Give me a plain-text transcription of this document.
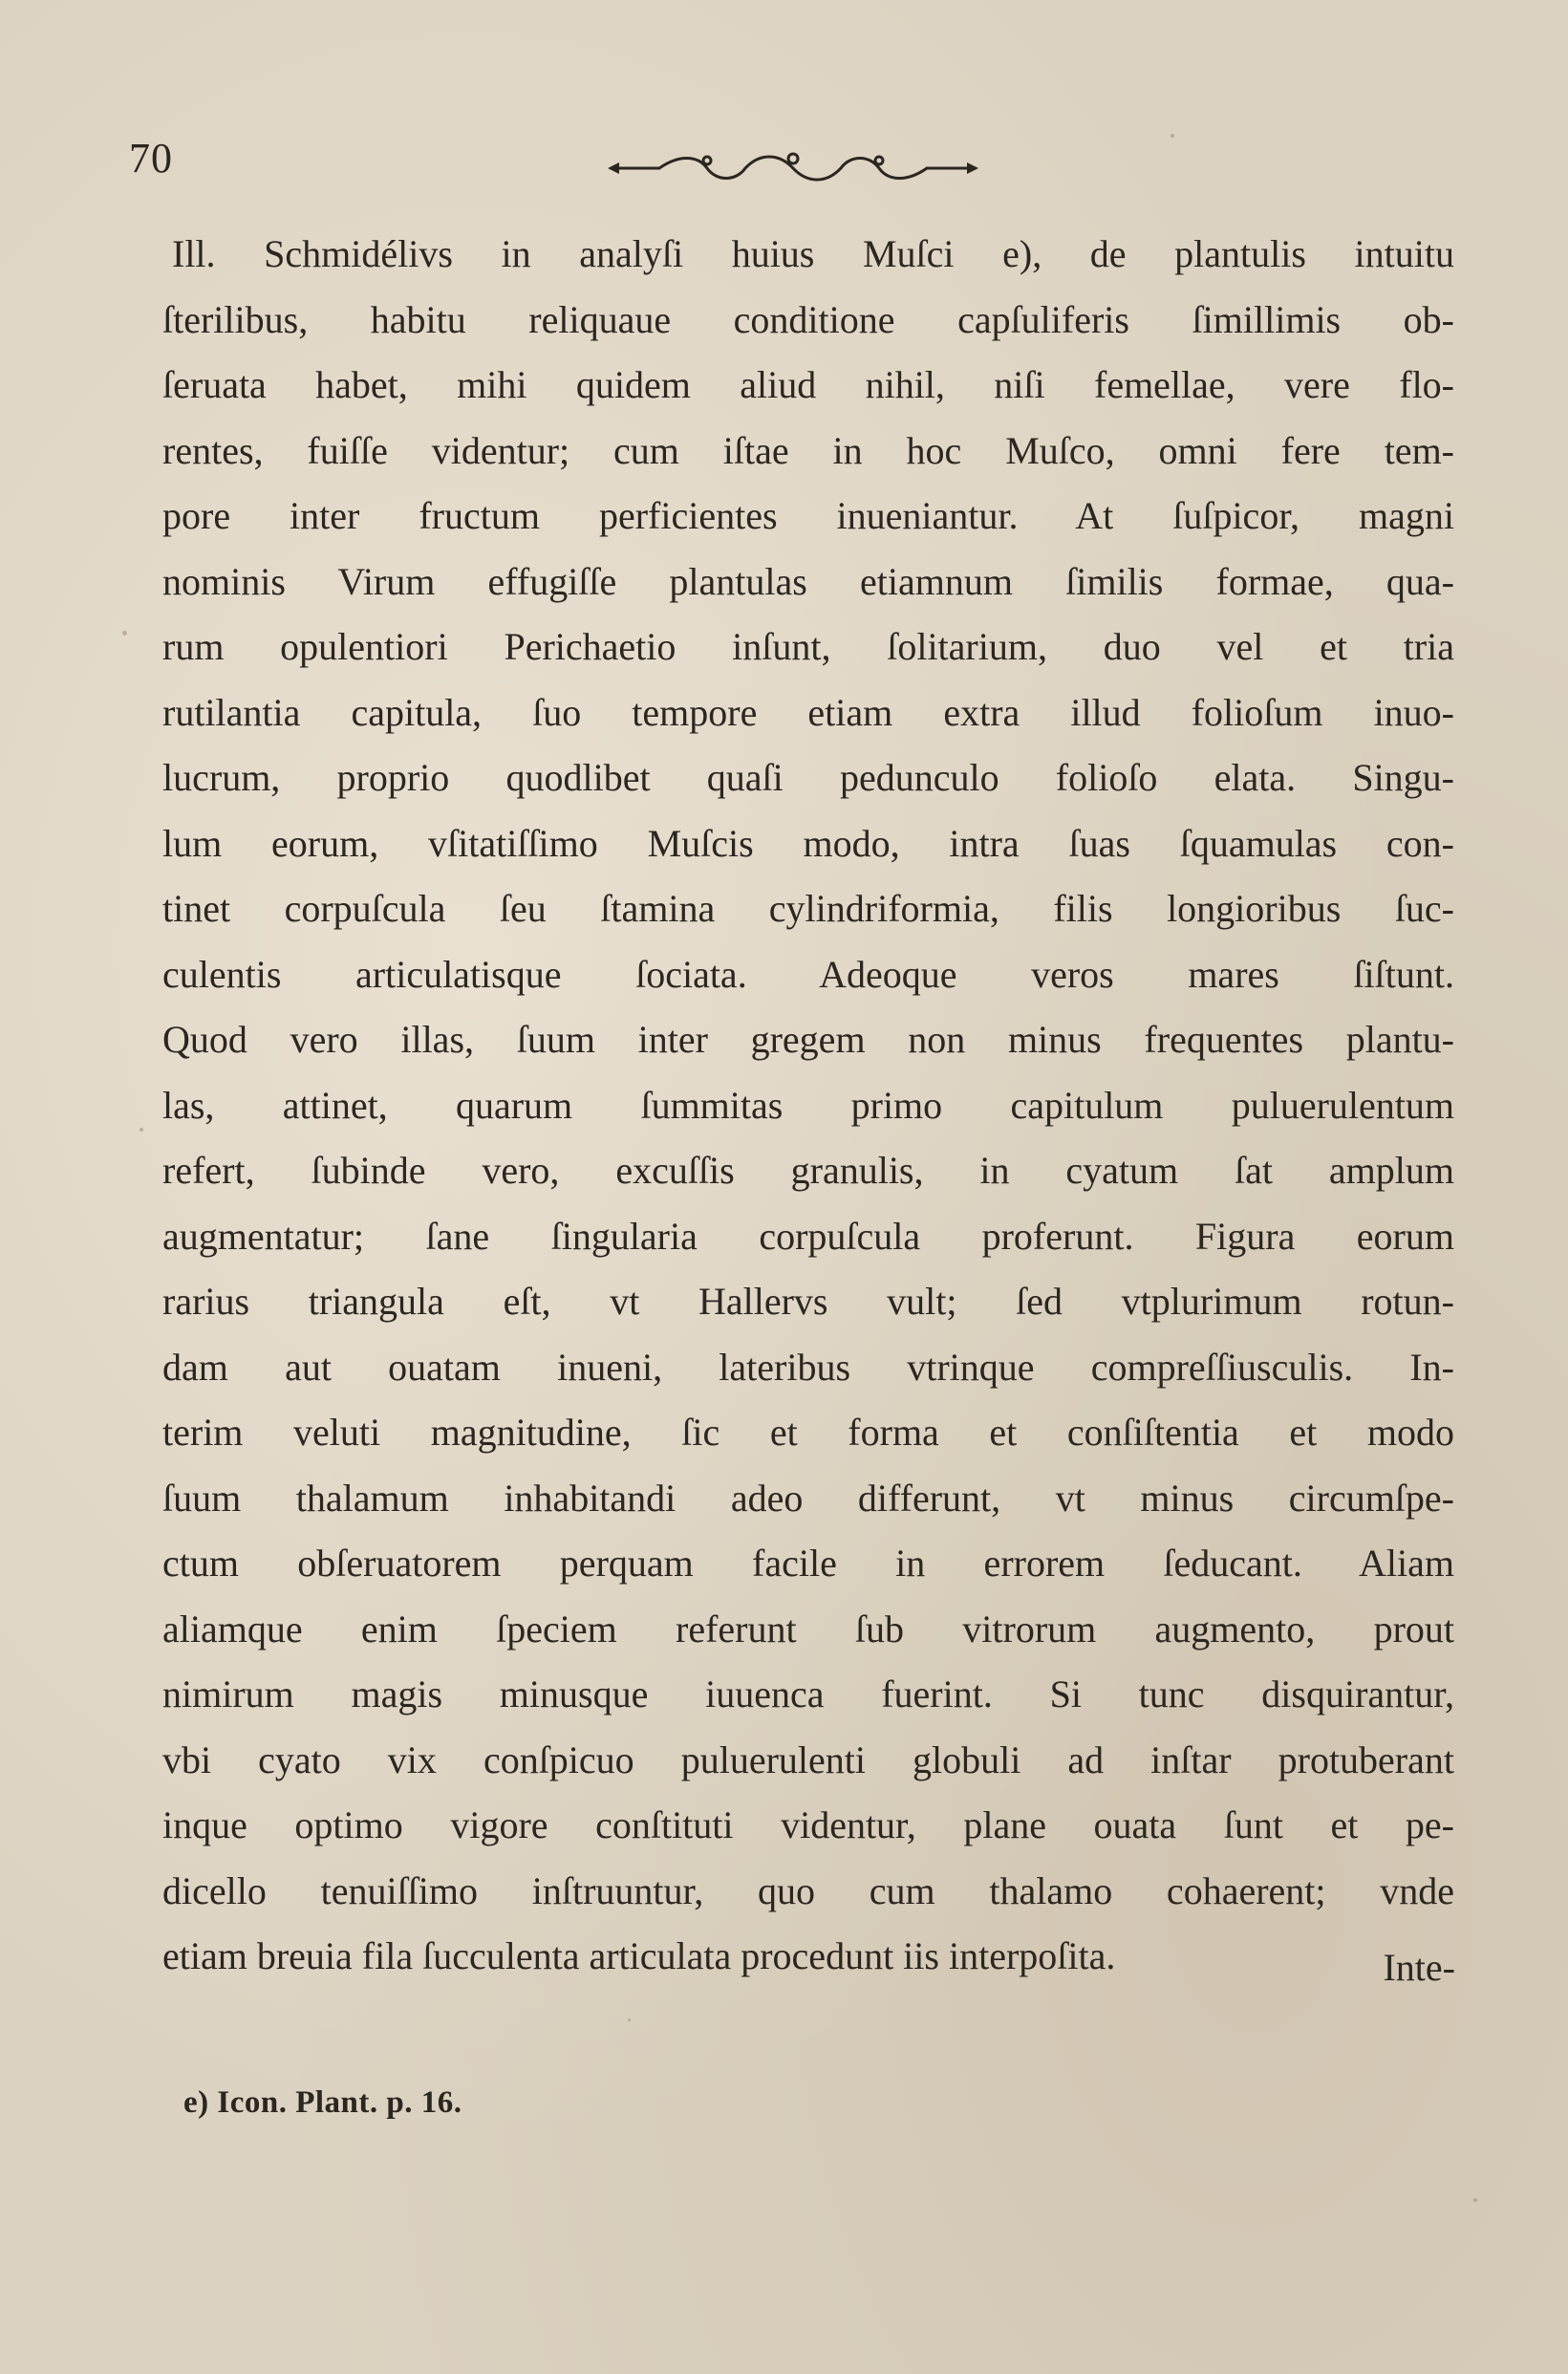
70
Ill. Schmidélivs in analyſi huius Muſci e), de plantulis intuitu
ſterilibus, habitu reliquaue conditione capſuliferis ſimillimis ob-
ſeruata habet, mihi quidem aliud nihil, niſi femellae, vere flo-
rentes, fuiſſe videntur; cum iſtae in hoc Muſco, omni fere tem-
pore inter fructum perficientes inueniantur. At ſuſpicor, magni
nominis Virum effugiſſe plantulas etiamnum ſimilis formae, qua-
rum opulentiori Perichaetio inſunt, ſolitarium, duo vel et tria
rutilantia capitula, ſuo tempore etiam extra illud folioſum inuo-
lucrum, proprio quodlibet quaſi pedunculo folioſo elata. Singu-
lum eorum, vſitatiſſimo Muſcis modo, intra ſuas ſquamulas con-
tinet corpuſcula ſeu ſtamina cylindriformia, filis longioribus ſuc-
culentis articulatisque ſociata. Adeoque veros mares ſiſtunt.
Quod vero illas, ſuum inter gregem non minus frequentes plantu-
las, attinet, quarum ſummitas primo capitulum puluerulentum
refert, ſubinde vero, excuſſis granulis, in cyatum ſat amplum
augmentatur; ſane ſingularia corpuſcula proferunt. Figura eorum
rarius triangula eſt, vt Hallervs vult; ſed vtplurimum rotun-
dam aut ouatam inueni, lateribus vtrinque compreſſiusculis. In-
terim veluti magnitudine, ſic et forma et conſiſtentia et modo
ſuum thalamum inhabitandi adeo differunt, vt minus circumſpe-
ctum obſeruatorem perquam facile in errorem ſeducant. Aliam
aliamque enim ſpeciem referunt ſub vitrorum augmento, prout
nimirum magis minusque iuuenca fuerint. Si tunc disquirantur,
vbi cyato vix conſpicuo puluerulenti globuli ad inſtar protuberant
inque optimo vigore conſtituti videntur, plane ouata ſunt et pe-
dicello tenuiſſimo inſtruuntur, quo cum thalamo cohaerent; vnde
etiam breuia fila ſucculenta articulata procedunt iis interpoſita.	Inte-
e) Icon. Plant. p. 16.
